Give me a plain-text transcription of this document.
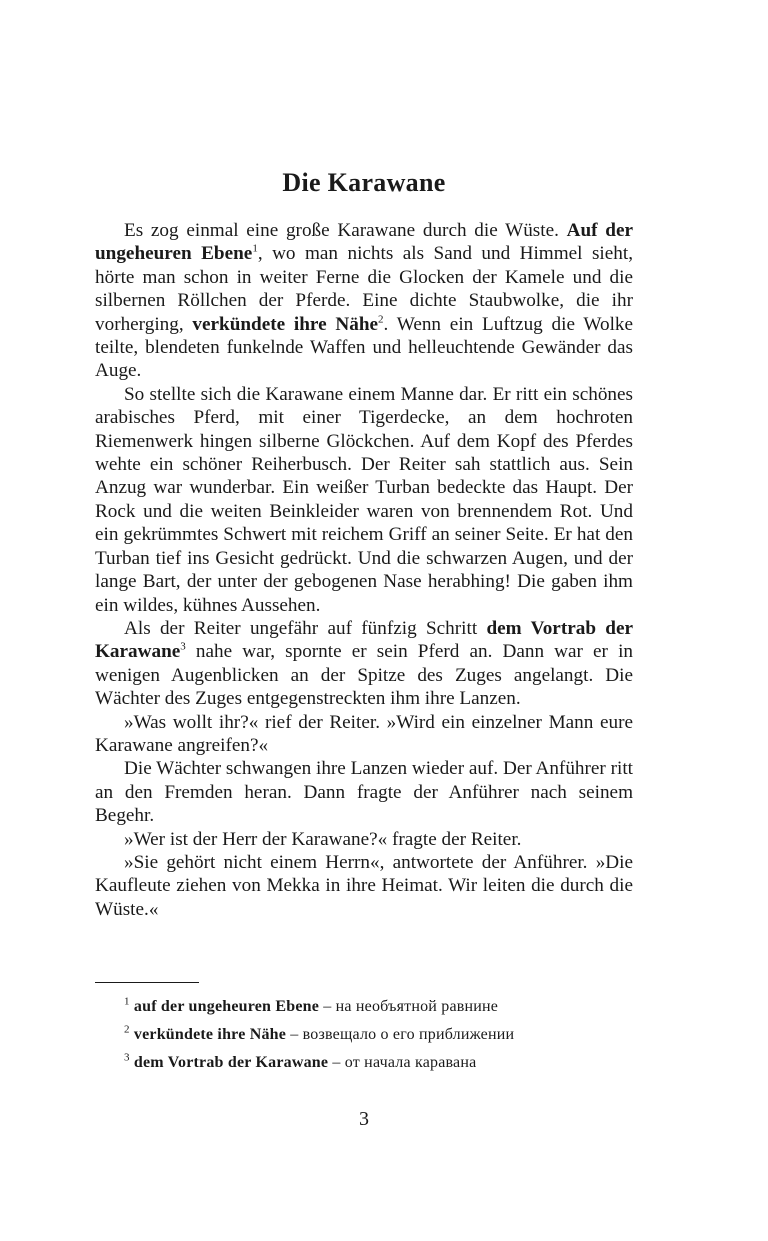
Die Karawane

Es zog einmal eine große Karawane durch die Wüste. Auf der ungeheuren Ebene$^1$, wo man nichts als Sand und Himmel sieht, hörte man schon in weiter Ferne die Glocken der Kamele und die silbernen Röllchen der Pferde. Eine dichte Staubwolke, die ihr vorherging, verkündete ihre Nähe$^2$. Wenn ein Luftzug die Wolke teilte, blendeten funkelnde Waffen und helleuchtende Gewänder das Auge.

So stellte sich die Karawane einem Manne dar. Er ritt ein schönes arabisches Pferd, mit einer Tigerdecke, an dem hochroten Riemenwerk hingen silberne Glöckchen. Auf dem Kopf des Pferdes wehte ein schöner Reiherbusch. Der Reiter sah stattlich aus. Sein Anzug war wunderbar. Ein weißer Turban bedeckte das Haupt. Der Rock und die weiten Beinkleider waren von brennendem Rot. Und ein gekrümmtes Schwert mit reichem Griff an seiner Seite. Er hat den Turban tief ins Gesicht gedrückt. Und die schwarzen Augen, und der lange Bart, der unter der gebogenen Nase herabhing! Die gaben ihm ein wildes, kühnes Aussehen.

Als der Reiter ungefähr auf fünfzig Schritt dem Vortrab der Karawane$^3$ nahe war, spornte er sein Pferd an. Dann war er in wenigen Augenblicken an der Spitze des Zuges angelangt. Die Wächter des Zuges entgegenstreckten ihm ihre Lanzen.

»Was wollt ihr?« rief der Reiter. »Wird ein einzelner Mann eure Karawane angreifen?«

Die Wächter schwangen ihre Lanzen wieder auf. Der Anführer ritt an den Fremden heran. Dann fragte der Anführer nach seinem Begehr.

»Wer ist der Herr der Karawane?« fragte der Reiter.

»Sie gehört nicht einem Herrn«, antwortete der Anführer. »Die Kaufleute ziehen von Mekka in ihre Heimat. Wir leiten die durch die Wüste.«

$^1$ auf der ungeheuren Ebene – на необъятной равнине
$^2$ verkündete ihre Nähe – возвещало о его приближении
$^3$ dem Vortrab der Karawane – от начала каравана
3
